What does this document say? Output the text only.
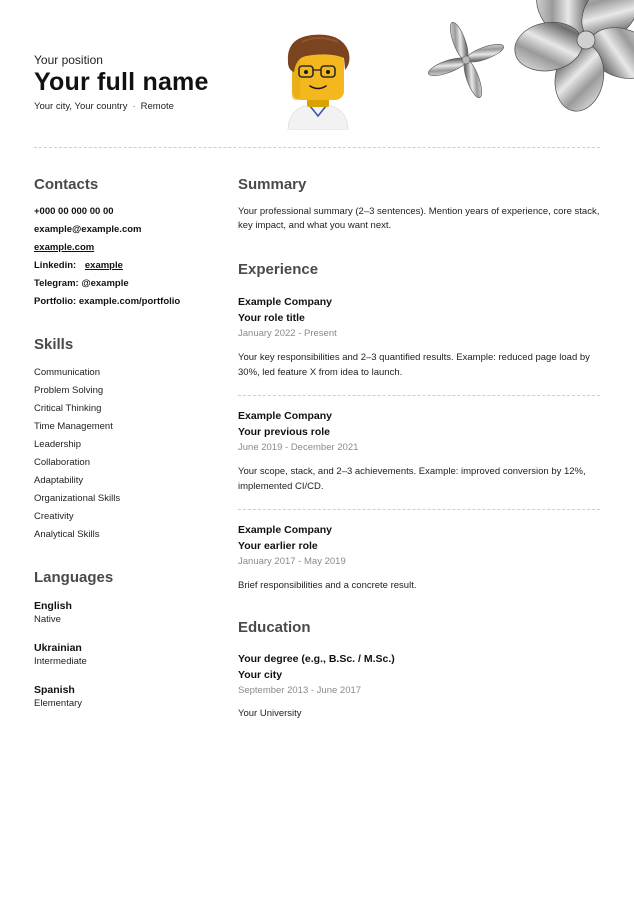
Your position
Your full name
Your city, Your country · Remote
Contacts
+000 00 000 00 00
example@example.com
example.com
Linkedin: example
Telegram: @example
Portfolio: example.com/portfolio
Skills
Communication
Problem Solving
Critical Thinking
Time Management
Leadership
Collaboration
Adaptability
Organizational Skills
Creativity
Analytical Skills
Languages
English
Native
Ukrainian
Intermediate
Spanish
Elementary
Summary
Your professional summary (2–3 sentences). Mention years of experience, core stack, key impact, and what you want next.
Experience
Example Company
Your role title
January 2022 - Present
Your key responsibilities and 2–3 quantified results. Example: reduced page load by 30%, led feature X from idea to launch.
Example Company
Your previous role
June 2019 - December 2021
Your scope, stack, and 2–3 achievements. Example: improved conversion by 12%, implemented CI/CD.
Example Company
Your earlier role
January 2017 - May 2019
Brief responsibilities and a concrete result.
Education
Your degree (e.g., B.Sc. / M.Sc.)
Your city
September 2013 - June 2017
Your University
